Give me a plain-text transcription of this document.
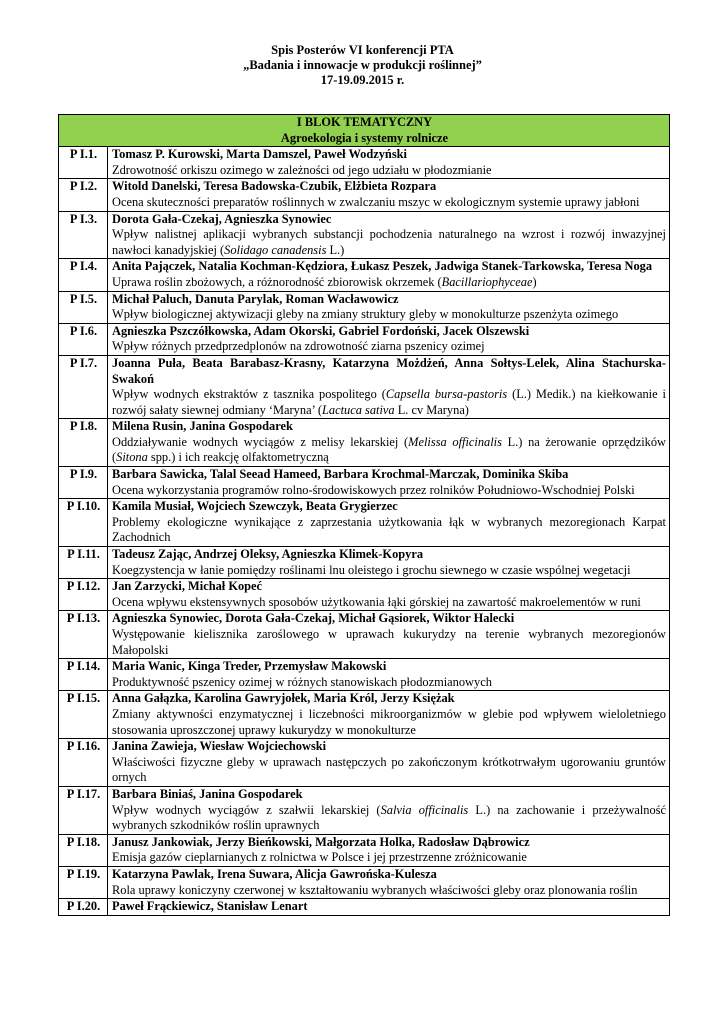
Spis Posterów VI konferencji PTA
„Badania i innowacje w produkcji roślinnej”
17-19.09.2015 r.
I BLOK TEMATYCZNY
Agroekologia i systemy rolnicze	

P I.1.	Tomasz P. Kurowski, Marta Damszel, Paweł Wodzyński
Zdrowotność orkiszu ozimego w zależności od jego udziału w płodozmianie

P I.2.	Witold Danelski, Teresa Badowska-Czubik, Elżbieta Rozpara
Ocena skuteczności preparatów roślinnych w zwalczaniu mszyc w ekologicznym systemie uprawy jabłoni

P I.3.	Dorota Gała-Czekaj, Agnieszka Synowiec
Wpływ nalistnej aplikacji wybranych substancji pochodzenia naturalnego na wzrost i rozwój inwazyjnej nawłoci kanadyjskiej (Solidago canadensis L.)

P I.4.	Anita Pajączek, Natalia Kochman-Kędziora, Łukasz Peszek, Jadwiga Stanek-Tarkowska, Teresa Noga
Uprawa roślin zbożowych, a różnorodność zbiorowisk okrzemek (Bacillariophyceae)

P I.5.	Michał Paluch, Danuta Parylak, Roman Wacławowicz
Wpływ biologicznej aktywizacji gleby na zmiany struktury gleby w monokulturze pszenżyta ozimego

P I.6.	Agnieszka Pszczółkowska, Adam Okorski, Gabriel Fordoński, Jacek Olszewski
Wpływ różnych przedprzedplonów na zdrowotność ziarna pszenicy ozimej

P I.7.	Joanna Puła, Beata Barabasz-Krasny, Katarzyna Możdżeń, Anna Sołtys-Lelek, Alina Stachurska-Swakoń
Wpływ wodnych ekstraktów z tasznika pospolitego (Capsella bursa-pastoris (L.) Medik.) na kiełkowanie i rozwój sałaty siewnej odmiany ‘Maryna’ (Lactuca sativa L. cv Maryna)

P I.8.	Milena Rusin, Janina Gospodarek
Oddziaływanie wodnych wyciągów z melisy lekarskiej (Melissa officinalis L.) na żerowanie oprzędzików (Sitona spp.) i ich reakcję olfaktometryczną

P I.9.	Barbara Sawicka, Talal Seead Hameed, Barbara Krochmal-Marczak, Dominika Skiba
Ocena wykorzystania programów rolno-środowiskowych przez rolników Południowo-Wschodniej Polski

P I.10.	Kamila Musiał, Wojciech Szewczyk, Beata Grygierzec
Problemy ekologiczne wynikające z zaprzestania użytkowania łąk w wybranych mezoregionach Karpat Zachodnich

P I.11.	Tadeusz Zając, Andrzej Oleksy, Agnieszka Klimek-Kopyra
Koegzystencja w łanie pomiędzy roślinami lnu oleistego i grochu siewnego w czasie wspólnej wegetacji

P I.12.	Jan Zarzycki, Michał Kopeć
Ocena wpływu ekstensywnych sposobów użytkowania łąki górskiej na zawartość makroelementów w runi

P I.13.	Agnieszka Synowiec, Dorota Gała-Czekaj, Michał Gąsiorek, Wiktor Halecki
Występowanie kielisznika zaroślowego w uprawach kukurydzy na terenie wybranych mezoregionów Małopolski

P I.14.	Maria Wanic, Kinga Treder, Przemysław Makowski
Produktywność pszenicy ozimej w różnych stanowiskach płodozmianowych

P I.15.	Anna Gałązka, Karolina Gawryjołek, Maria Król, Jerzy Księżak
Zmiany aktywności enzymatycznej i liczebności mikroorganizmów w glebie pod wpływem wieloletniego stosowania uproszczonej uprawy kukurydzy w monokulturze

P I.16.	Janina Zawieja, Wiesław Wojciechowski
Właściwości fizyczne gleby w uprawach następczych po zakończonym krótkotrwałym ugorowaniu gruntów ornych

P I.17.	Barbara Biniaś, Janina Gospodarek
Wpływ wodnych wyciągów z szałwii lekarskiej (Salvia officinalis L.) na zachowanie i przeżywalność wybranych szkodników roślin uprawnych

P I.18.	Janusz Jankowiak, Jerzy Bieńkowski, Małgorzata Holka, Radosław Dąbrowicz
Emisja gazów cieplarnianych z rolnictwa w Polsce i jej przestrzenne zróżnicowanie

P I.19.	Katarzyna Pawlak, Irena Suwara, Alicja Gawrońska-Kulesza
Rola uprawy koniczyny czerwonej w kształtowaniu wybranych właściwości gleby oraz plonowania roślin

P I.20.	Paweł Frąckiewicz, Stanisław Lenart
